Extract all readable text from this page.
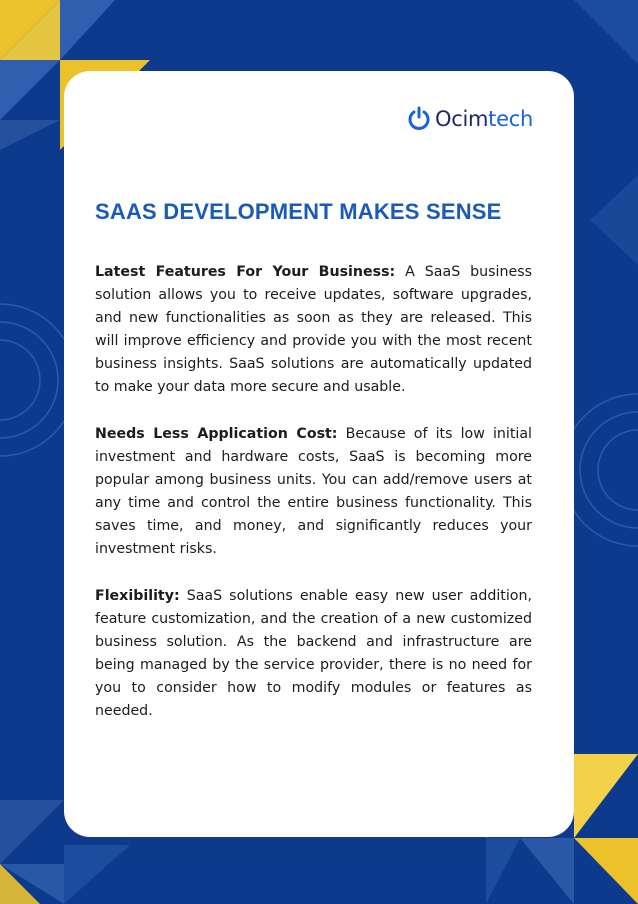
Ocimtech
SAAS DEVELOPMENT MAKES SENSE

Latest Features For Your Business: A SaaS business solution allows you to receive updates, software upgrades, and new functionalities as soon as they are released. This will improve efficiency and provide you with the most recent business insights. SaaS solutions are automatically updated to make your data more secure and usable.

Needs Less Application Cost: Because of its low initial investment and hardware costs, SaaS is becoming more popular among business units. You can add/remove users at any time and control the entire business functionality. This saves time, and money, and significantly reduces your investment risks.

Flexibility: SaaS solutions enable easy new user addition, feature customization, and the creation of a new customized business solution. As the backend and infrastructure are being managed by the service provider, there is no need for you to consider how to modify modules or features as needed.
